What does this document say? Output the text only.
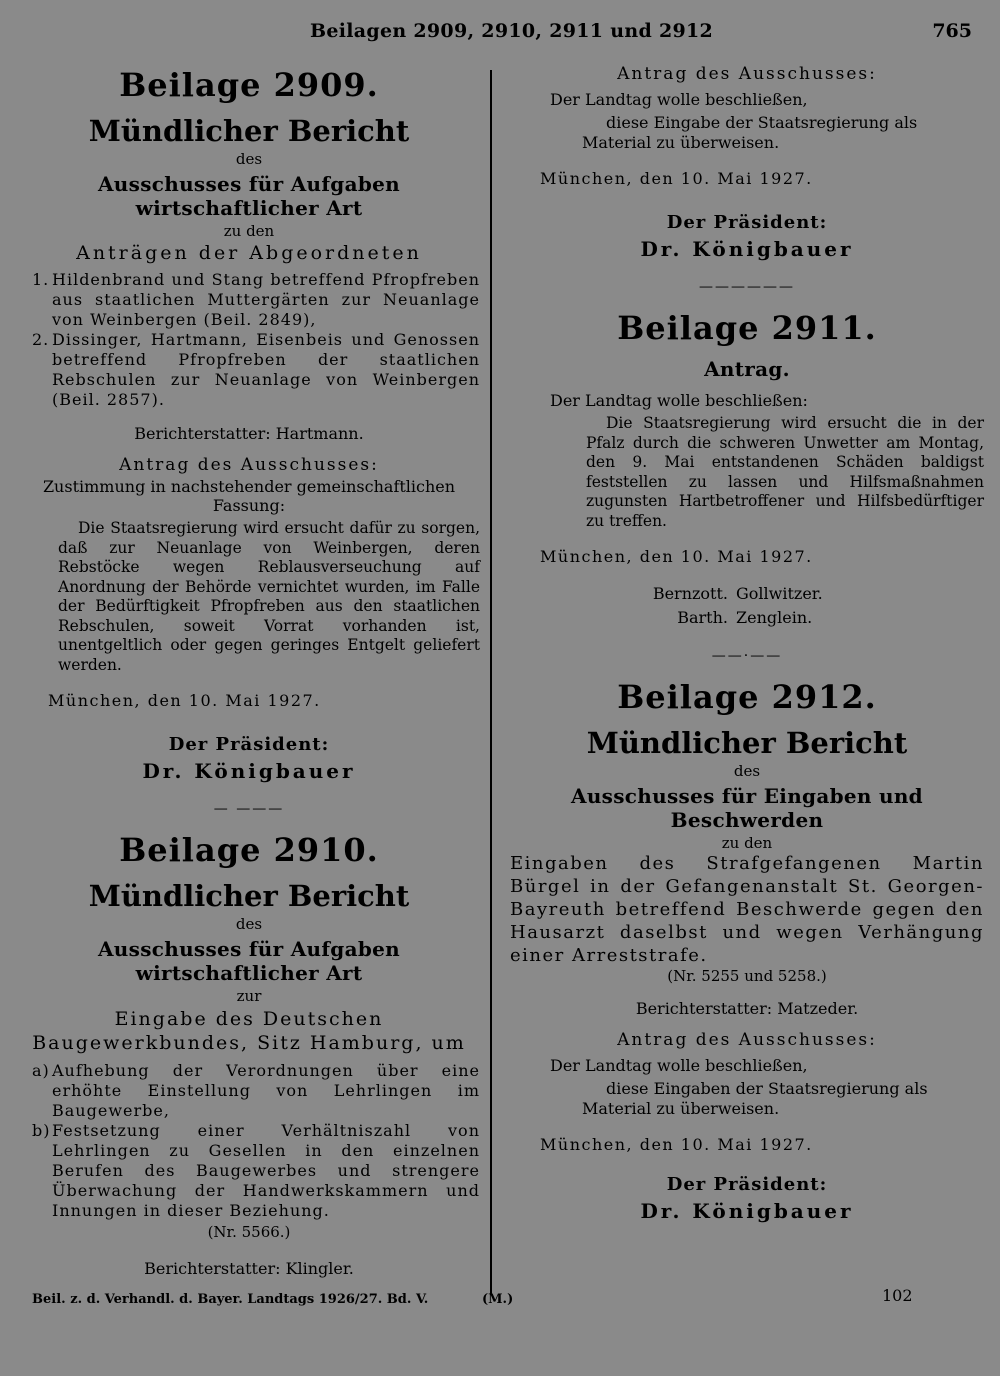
Beilagen 2909, 2910, 2911 und 2912	765
Beilage 2909.
Mündlicher Bericht

des

Ausschusses für Aufgaben wirtschaftlicher Art

zu den

Anträgen der Abgeordneten

1. Hildenbrand und Stang betreffend Pfropfreben aus staatlichen Muttergärten zur Neuanlage von Weinbergen (Beil. 2849),

2. Dissinger, Hartmann, Eisenbeis und Genossen betreffend Pfropfreben der staatlichen Rebschulen zur Neuanlage von Weinbergen (Beil. 2857).

Berichterstatter: Hartmann.

Antrag des Ausschusses:

Zustimmung in nachstehender gemeinschaftlichen Fassung:

Die Staatsregierung wird ersucht dafür zu sorgen, daß zur Neuanlage von Weinbergen, deren Rebstöcke wegen Reblausverseuchung auf Anordnung der Behörde vernichtet wurden, im Falle der Bedürftigkeit Pfropfreben aus den staatlichen Rebschulen, soweit Vorrat vorhanden ist, unentgeltlich oder gegen geringes Entgelt geliefert werden.

München, den 10. Mai 1927.

Der Präsident:

Dr. Königbauer

— ———
Beilage 2910.
Mündlicher Bericht

des

Ausschusses für Aufgaben wirtschaftlicher Art

zur

Eingabe des Deutschen Baugewerkbundes, Sitz Hamburg, um

a) Aufhebung der Verordnungen über eine erhöhte Einstellung von Lehrlingen im Baugewerbe,

b)Festsetzung einer Verhältniszahl von Lehrlingen zu Gesellen in den einzelnen Berufen des Baugewerbes und strengere Überwachung der Handwerkskammern und Innungen in dieser Beziehung.

(Nr. 5566.)

Berichterstatter: Klingler.

Antrag des Ausschusses:

Der Landtag wolle beschließen,

diese Eingabe der Staatsregierung als Material zu überweisen.

München, den 10. Mai 1927.

Der Präsident:

Dr. Königbauer

——————
Beilage 2911.
Antrag.

Der Landtag wolle beschließen:

Die Staatsregierung wird ersucht die in der Pfalz durch die schweren Unwetter am Montag, den 9. Mai entstandenen Schäden baldigst feststellen zu lassen und Hilfsmaßnahmen zugunsten Hartbetroffener und Hilfsbedürftiger zu treffen.

München, den 10. Mai 1927.

Bernzott. Gollwitzer.
Barth. Zenglein.
——·——
Beilage 2912.
Mündlicher Bericht

des

Ausschusses für Eingaben und Beschwerden

zu den

Eingaben des Strafgefangenen Martin Bürgel in der Gefangenanstalt St. Georgen-Bayreuth betreffend Beschwerde gegen den Hausarzt daselbst und wegen Verhängung einer Arreststrafe.

(Nr. 5255 und 5258.)

Berichterstatter: Matzeder.

Antrag des Ausschusses:

Der Landtag wolle beschließen,

diese Eingaben der Staatsregierung als Material zu überweisen.

München, den 10. Mai 1927.

Der Präsident:

Dr. Königbauer

Beil. z. d. Verhandl. d. Bayer. Landtags 1926/27. Bd. V.	(M.)	102
